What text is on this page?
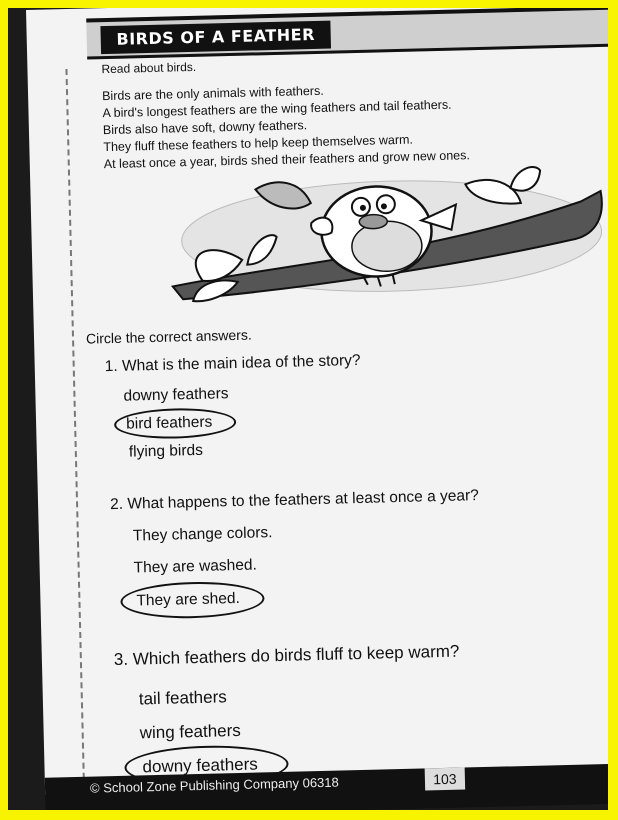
BIRDS OF A FEATHER
Read about birds.
Birds are the only animals with feathers.
A bird's longest feathers are the wing feathers and tail feathers.
Birds also have soft, downy feathers.
They fluff these feathers to help keep themselves warm.
At least once a year, birds shed their feathers and grow new ones.
Circle the correct answers.
1. What is the main idea of the story?
downy feathers
bird feathers
flying birds
2. What happens to the feathers at least once a year?
They change colors.
They are washed.
They are shed.
3. Which feathers do birds fluff to keep warm?
tail feathers
wing feathers
downy feathers
© School Zone Publishing Company 06318	103
